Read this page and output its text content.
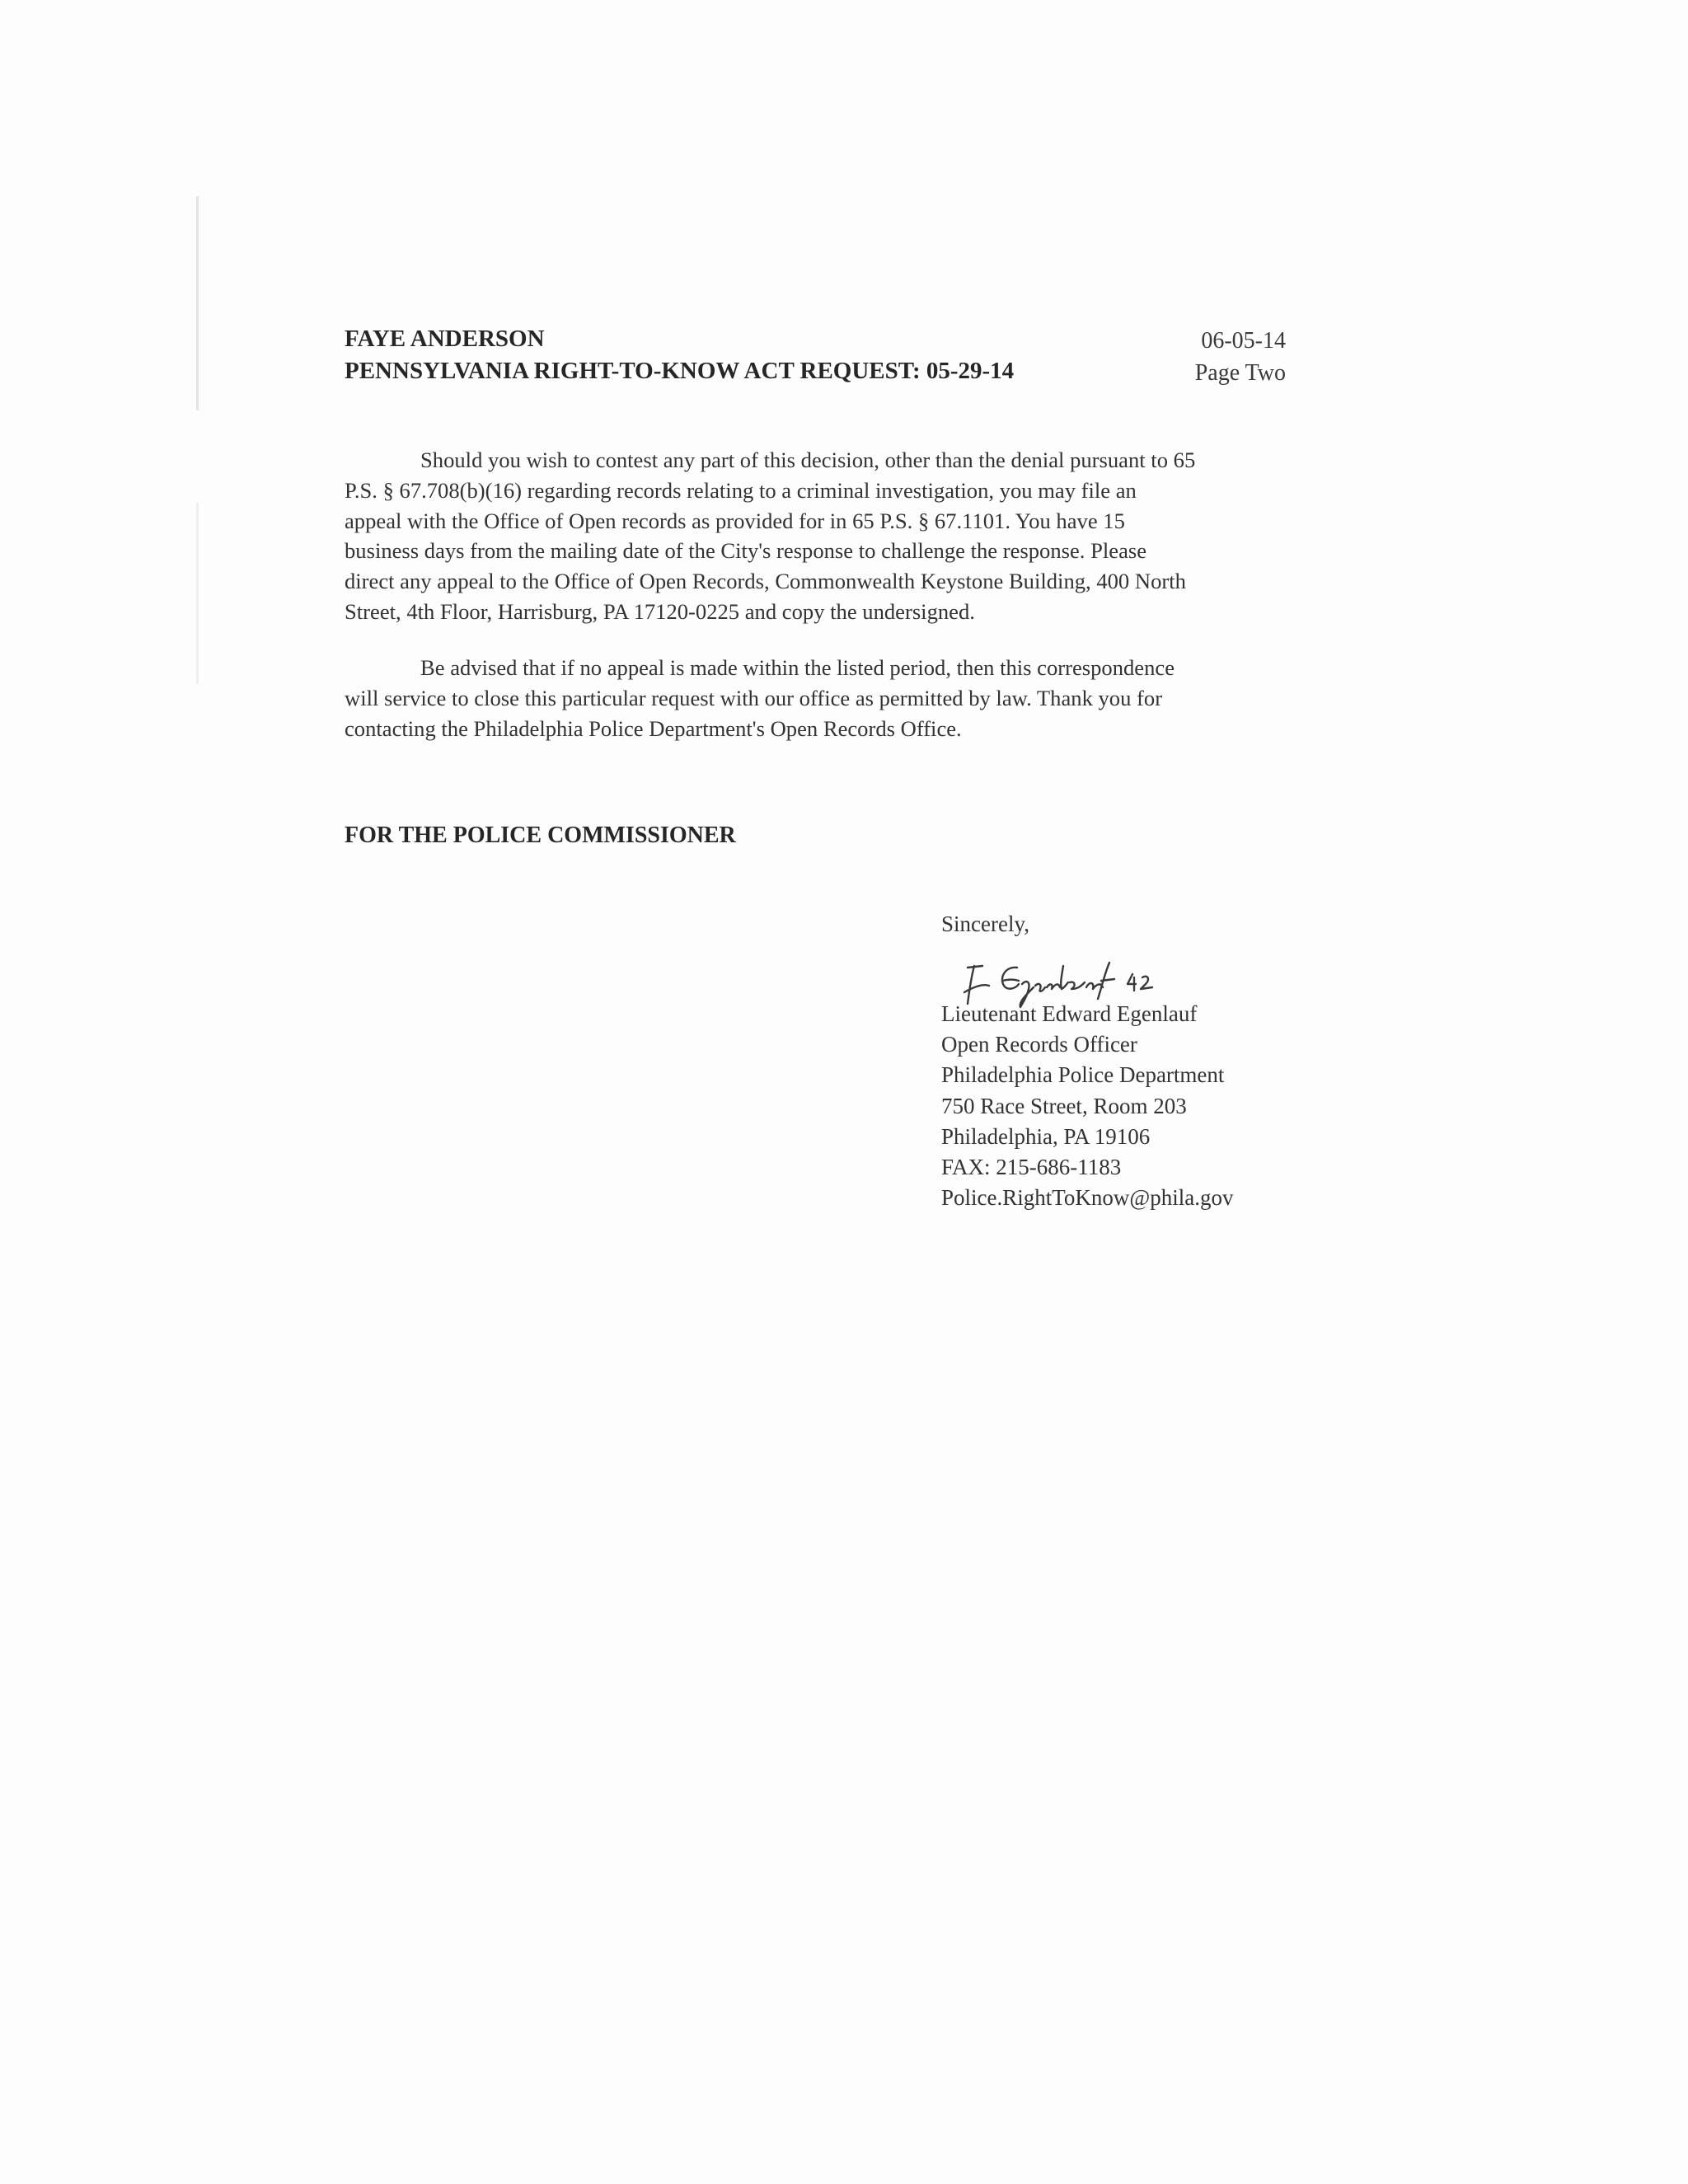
FAYE ANDERSON
PENNSYLVANIA RIGHT-TO-KNOW ACT REQUEST: 05-29-14
06-05-14
Page Two
Should you wish to contest any part of this decision, other than the denial pursuant to 65
P.S. § 67.708(b)(16) regarding records relating to a criminal investigation, you may file an
appeal with the Office of Open records as provided for in 65 P.S. § 67.1101. You have 15
business days from the mailing date of the City's response to challenge the response. Please
direct any appeal to the Office of Open Records, Commonwealth Keystone Building, 400 North
Street, 4th Floor, Harrisburg, PA 17120-0225 and copy the undersigned.
Be advised that if no appeal is made within the listed period, then this correspondence
will service to close this particular request with our office as permitted by law. Thank you for
contacting the Philadelphia Police Department's Open Records Office.
FOR THE POLICE COMMISSIONER
Sincerely,
Lieutenant Edward Egenlauf
Open Records Officer
Philadelphia Police Department
750 Race Street, Room 203
Philadelphia, PA 19106
FAX: 215-686-1183
Police.RightToKnow@phila.gov
